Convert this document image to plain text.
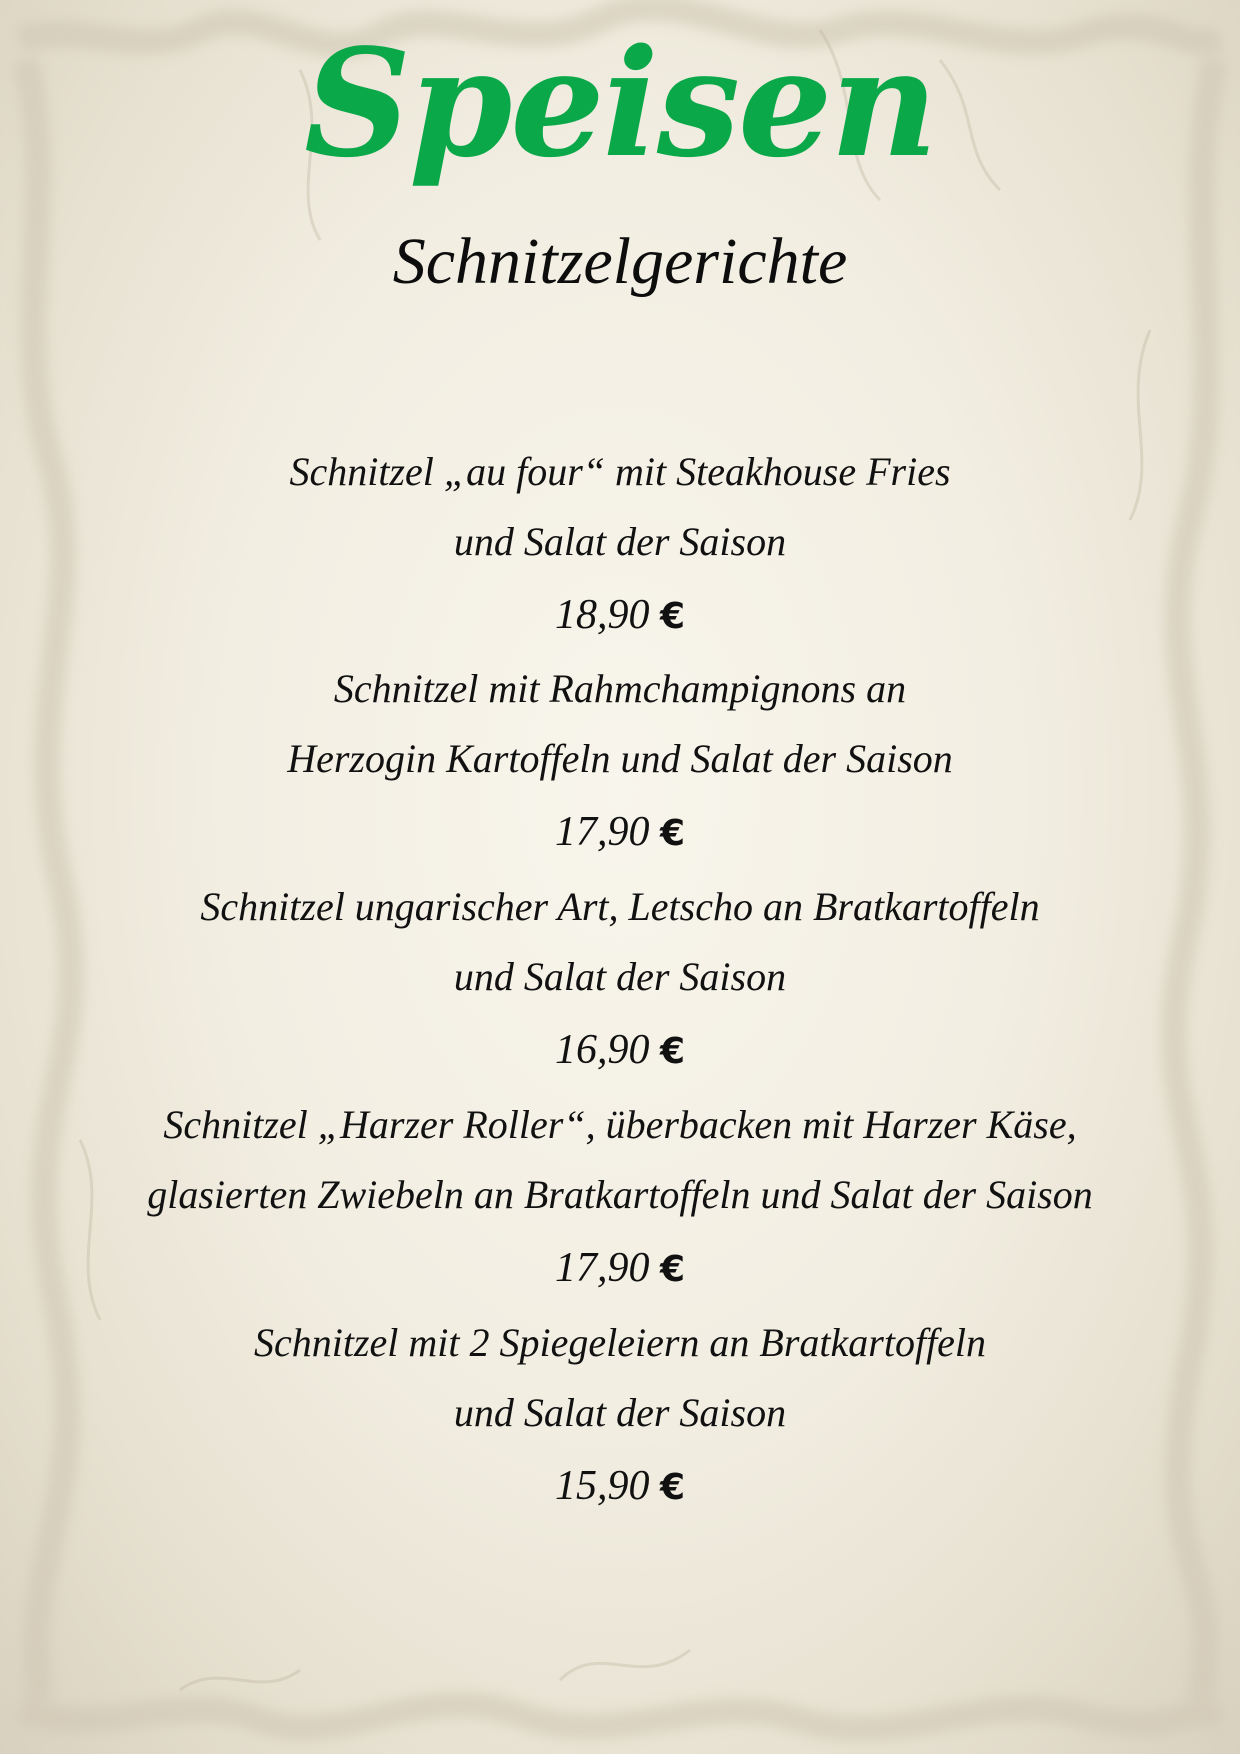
Speisen
Schnitzelgerichte
Schnitzel „au four“ mit Steakhouse Fries
und Salat der Saison
18,90 €
Schnitzel mit Rahmchampignons an
Herzogin Kartoffeln und Salat der Saison
17,90 €
Schnitzel ungarischer Art, Letscho an Bratkartoffeln
und Salat der Saison
16,90 €
Schnitzel „Harzer Roller“, überbacken mit Harzer Käse,
glasierten Zwiebeln an Bratkartoffeln und Salat der Saison
17,90 €
Schnitzel mit 2 Spiegeleiern an Bratkartoffeln
und Salat der Saison
15,90 €
